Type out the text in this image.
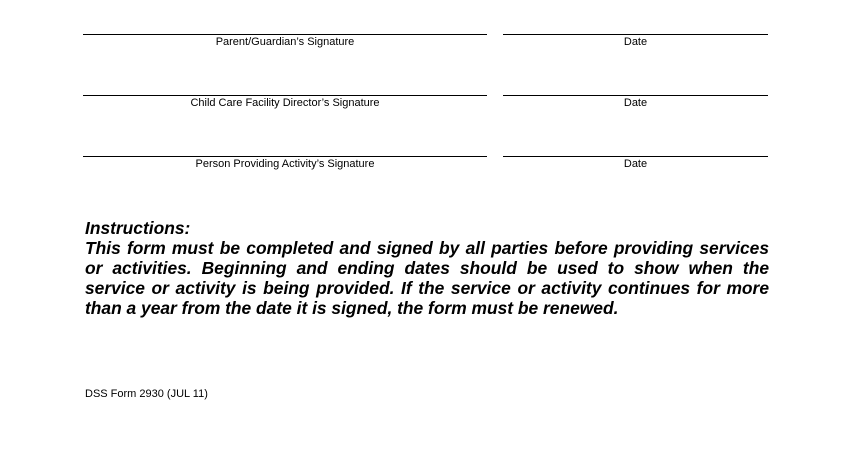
Parent/Guardian’s Signature	Date
Child Care Facility Director’s Signature	Date
Person Providing Activity’s Signature	Date
Instructions:
This form must be completed and signed by all parties before providing services or activities. Beginning and ending dates should be used to show when the service or activity is being provided. If the service or activity continues for more than a year from the date it is signed, the form must be renewed.
DSS Form 2930 (JUL 11)
